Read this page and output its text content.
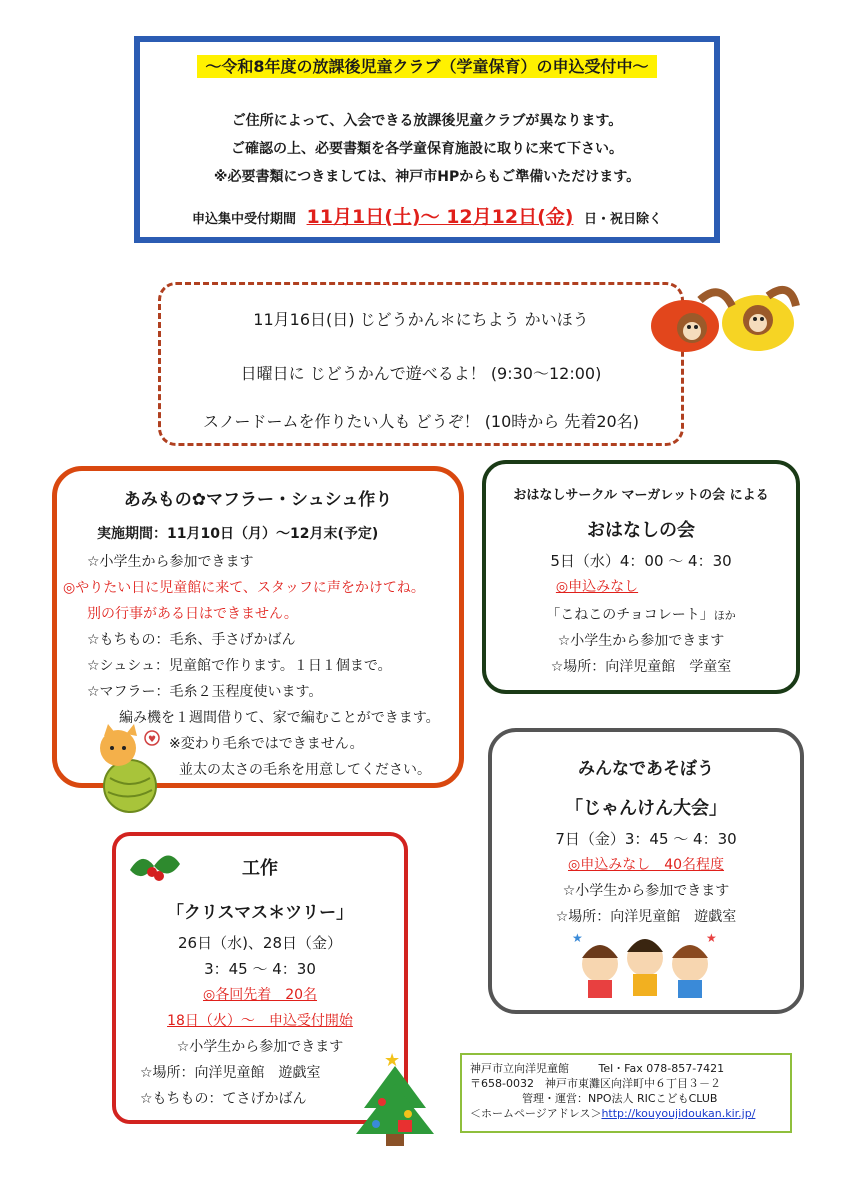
～令和8年度の放課後児童クラブ（学童保育）の申込受付中～
ご住所によって、入会できる放課後児童クラブが異なります。
ご確認の上、必要書類を各学童保育施設に取りに来て下さい。
※必要書類につきましては、神戸市HPからもご準備いただけます。
申込集中受付期間 11月1日(土)～ 12月12日(金) 日・祝日除く
11月16日(日) じどうかん＊にちよう かいほう
日曜日に じどうかんで遊べるよ！ (9:30～12:00)
スノードームを作りたい人も どうぞ！ (10時から 先着20名)
あみもの✿マフラー・シュシュ作り
実施期間：11月10日（月）～12月末(予定)
☆小学生から参加できます
◎やりたい日に児童館に来て、スタッフに声をかけてね。
別の行事がある日はできません。
☆もちもの：毛糸、手さげかばん
☆シュシュ：児童館で作ります。１日１個まで。
☆マフラー：毛糸２玉程度使います。
編み機を１週間借りて、家で編むことができます。
※変わり毛糸ではできません。
並太の太さの毛糸を用意してください。
♥
おはなしサークル マーガレットの会 による
おはなしの会
5日（水）4：00 ～ 4：30
◎申込みなし
「こねこのチョコレート」ほか
☆小学生から参加できます
☆場所：向洋児童館　学童室
みんなであそぼう
「じゃんけん大会」
7日（金）3：45 ～ 4：30
◎申込みなし　40名程度
☆小学生から参加できます
☆場所：向洋児童館　遊戯室
★	★
工作
「クリスマス＊ツリー」
26日（水)、28日（金）
3：45 ～ 4：30
◎各回先着　20名
18日（火）～　申込受付開始
☆小学生から参加できます
☆場所：向洋児童館　遊戯室
☆もちもの：てさげかばん
★	神戸市立向洋児童館	Tel・Fax 078-857-7421
〒658-0032　神戸市東灘区向洋町中６丁目３－２
管理・運営：NPO法人 RICこどもCLUB
＜ホームページアドレス＞http://kouyoujidoukan.kir.jp/
